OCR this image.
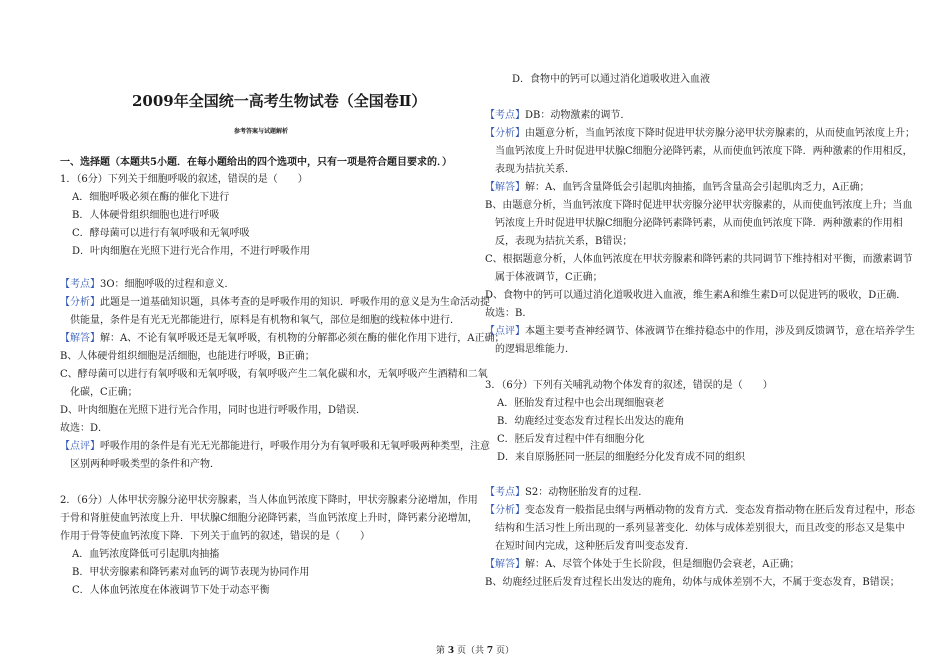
2009年全国统一高考生物试卷（全国卷Ⅱ）
参考答案与试题解析
一、选择题（本题共5小题．在每小题给出的四个选项中，只有一项是符合题目要求的．）
1．（6分）下列关于细胞呼吸的叙述，错误的是（　　）
A．细胞呼吸必须在酶的催化下进行
B．人体硬骨组织细胞也进行呼吸
C．酵母菌可以进行有氧呼吸和无氧呼吸
D．叶肉细胞在光照下进行光合作用，不进行呼吸作用
【考点】3O：细胞呼吸的过程和意义．
【分析】此题是一道基础知识题，具体考查的是呼吸作用的知识．呼吸作用的意义是为生命活动提
供能量，条件是有光无光都能进行，原料是有机物和氧气，部位是细胞的线粒体中进行．
【解答】解：A、不论有氧呼吸还是无氧呼吸，有机物的分解都必须在酶的催化作用下进行，A正确；
B、人体硬骨组织细胞是活细胞，也能进行呼吸，B正确；
C、酵母菌可以进行有氧呼吸和无氧呼吸，有氧呼吸产生二氧化碳和水，无氧呼吸产生酒精和二氧
化碳，C正确；
D、叶肉细胞在光照下进行光合作用，同时也进行呼吸作用，D错误．
故选：D．
【点评】呼吸作用的条件是有光无光都能进行，呼吸作用分为有氧呼吸和无氧呼吸两种类型，注意
区别两种呼吸类型的条件和产物．
2．（6分）人体甲状旁腺分泌甲状旁腺素，当人体血钙浓度下降时，甲状旁腺素分泌增加，作用
于骨和肾脏使血钙浓度上升．甲状腺C细胞分泌降钙素，当血钙浓度上升时，降钙素分泌增加，
作用于骨等使血钙浓度下降．下列关于血钙的叙述，错误的是（　　）
A．血钙浓度降低可引起肌肉抽搐
B．甲状旁腺素和降钙素对血钙的调节表现为协同作用
C．人体血钙浓度在体液调节下处于动态平衡
D．食物中的钙可以通过消化道吸收进入血液
【考点】DB：动物激素的调节．
【分析】由题意分析，当血钙浓度下降时促进甲状旁腺分泌甲状旁腺素的，从而使血钙浓度上升；
当血钙浓度上升时促进甲状腺C细胞分泌降钙素，从而使血钙浓度下降．两种激素的作用相反，
表现为拮抗关系．
【解答】解：A、血钙含量降低会引起肌肉抽搐，血钙含量高会引起肌肉乏力，A正确；
B、由题意分析，当血钙浓度下降时促进甲状旁腺分泌甲状旁腺素的，从而使血钙浓度上升；当血
钙浓度上升时促进甲状腺C细胞分泌降钙素降钙素，从而使血钙浓度下降．两种激素的作用相
反，表现为拮抗关系，B错误；
C、根据题意分析，人体血钙浓度在甲状旁腺素和降钙素的共同调节下维持相对平衡，而激素调节
属于体液调节，C正确；
D、食物中的钙可以通过消化道吸收进入血液，维生素A和维生素D可以促进钙的吸收，D正确．
故选：B．
【点评】本题主要考查神经调节、体液调节在维持稳态中的作用，涉及到反馈调节，意在培养学生
的逻辑思维能力．
3．（6分）下列有关哺乳动物个体发育的叙述，错误的是（　　）
A．胚胎发育过程中也会出现细胞衰老
B．幼鹿经过变态发育过程长出发达的鹿角
C．胚后发育过程中伴有细胞分化
D．来自原肠胚同一胚层的细胞经分化发育成不同的组织
【考点】S2：动物胚胎发育的过程．
【分析】变态发育一般指昆虫纲与两栖动物的发育方式．变态发育指动物在胚后发育过程中，形态
结构和生活习性上所出现的一系列显著变化．幼体与成体差别很大，而且改变的形态又是集中
在短时间内完成，这种胚后发育叫变态发育．
【解答】解：A、尽管个体处于生长阶段，但是细胞仍会衰老，A正确；
B、幼鹿经过胚后发育过程长出发达的鹿角，幼体与成体差别不大，不属于变态发育，B错误；
第 3 页（共 7 页）
